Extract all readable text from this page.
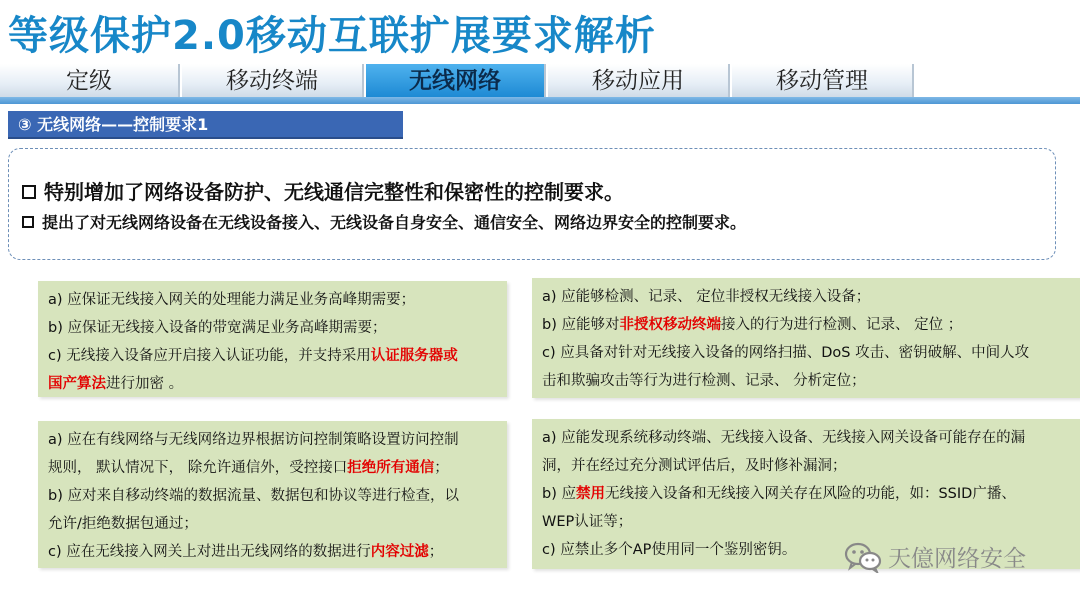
等级保护2.0移动互联扩展要求解析
定级	移动终端	无线网络	移动应用	移动管理
③ 无线网络——控制要求1
特别增加了网络设备防护、无线通信完整性和保密性的控制要求。
提出了对无线网络设备在无线设备接入、无线设备自身安全、通信安全、网络边界安全的控制要求。

a) 应保证无线接入网关的处理能力满足业务高峰期需要；

b) 应保证无线接入设备的带宽满足业务高峰期需要；

c) 无线接入设备应开启接入认证功能，并支持采用认证服务器或

国产算法进行加密 。

a) 应能够检测、记录、 定位非授权无线接入设备；

b) 应能够对非授权移动终端接入的行为进行检测、记录、 定位 ；

c) 应具备对针对无线接入设备的网络扫描、DoS 攻击、密钥破解、中间人攻

击和欺骗攻击等行为进行检测、记录、 分析定位；

a) 应在有线网络与无线网络边界根据访问控制策略设置访问控制

规则， 默认情况下， 除允许通信外，受控接口拒绝所有通信；

b) 应对来自移动终端的数据流量、数据包和协议等进行检查，以

允许/拒绝数据包通过；

c) 应在无线接入网关上对进出无线网络的数据进行内容过滤；

a) 应能发现系统移动终端、无线接入设备、无线接入网关设备可能存在的漏

洞，并在经过充分测试评估后，及时修补漏洞；

b) 应禁用无线接入设备和无线接入网关存在风险的功能，如：SSID广播、

WEP认证等；

c) 应禁止多个AP使用同一个鉴别密钥。	天億网络安全
